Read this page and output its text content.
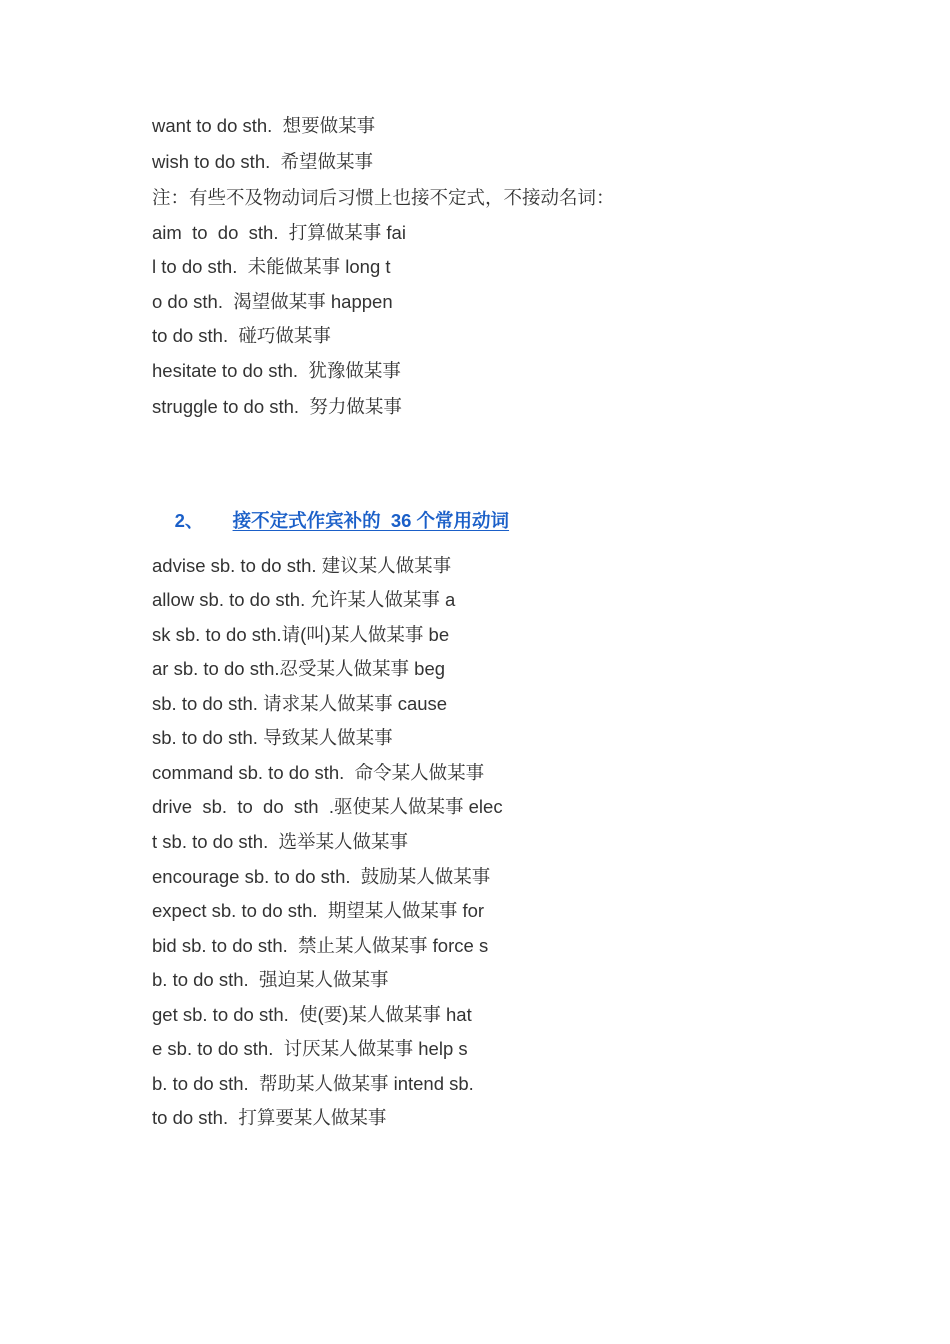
want to do sth.  想要做某事
wish to do sth.  希望做某事
注：有些不及物动词后习惯上也接不定式，不接动名词：
aim  to  do  sth.  打算做某事 fai
l to do sth.  未能做某事 long t
o do sth.  渴望做某事 happen
to do sth.  碰巧做某事
hesitate to do sth.  犹豫做某事
struggle to do sth.  努力做某事

2、 接不定式作宾补的  36 个常用动词

advise sb. to do sth. 建议某人做某事
allow sb. to do sth. 允许某人做某事 a
sk sb. to do sth.请(叫)某人做某事 be
ar sb. to do sth.忍受某人做某事 beg
sb. to do sth. 请求某人做某事 cause
sb. to do sth. 导致某人做某事
command sb. to do sth.  命令某人做某事
drive  sb.  to  do  sth  .驱使某人做某事 elec
t sb. to do sth.  选举某人做某事
encourage sb. to do sth.  鼓励某人做某事
expect sb. to do sth.  期望某人做某事 for
bid sb. to do sth.  禁止某人做某事 force s
b. to do sth.  强迫某人做某事
get sb. to do sth.  使(要)某人做某事 hat
e sb. to do sth.  讨厌某人做某事 help s
b. to do sth.  帮助某人做某事 intend sb.
to do sth.  打算要某人做某事
